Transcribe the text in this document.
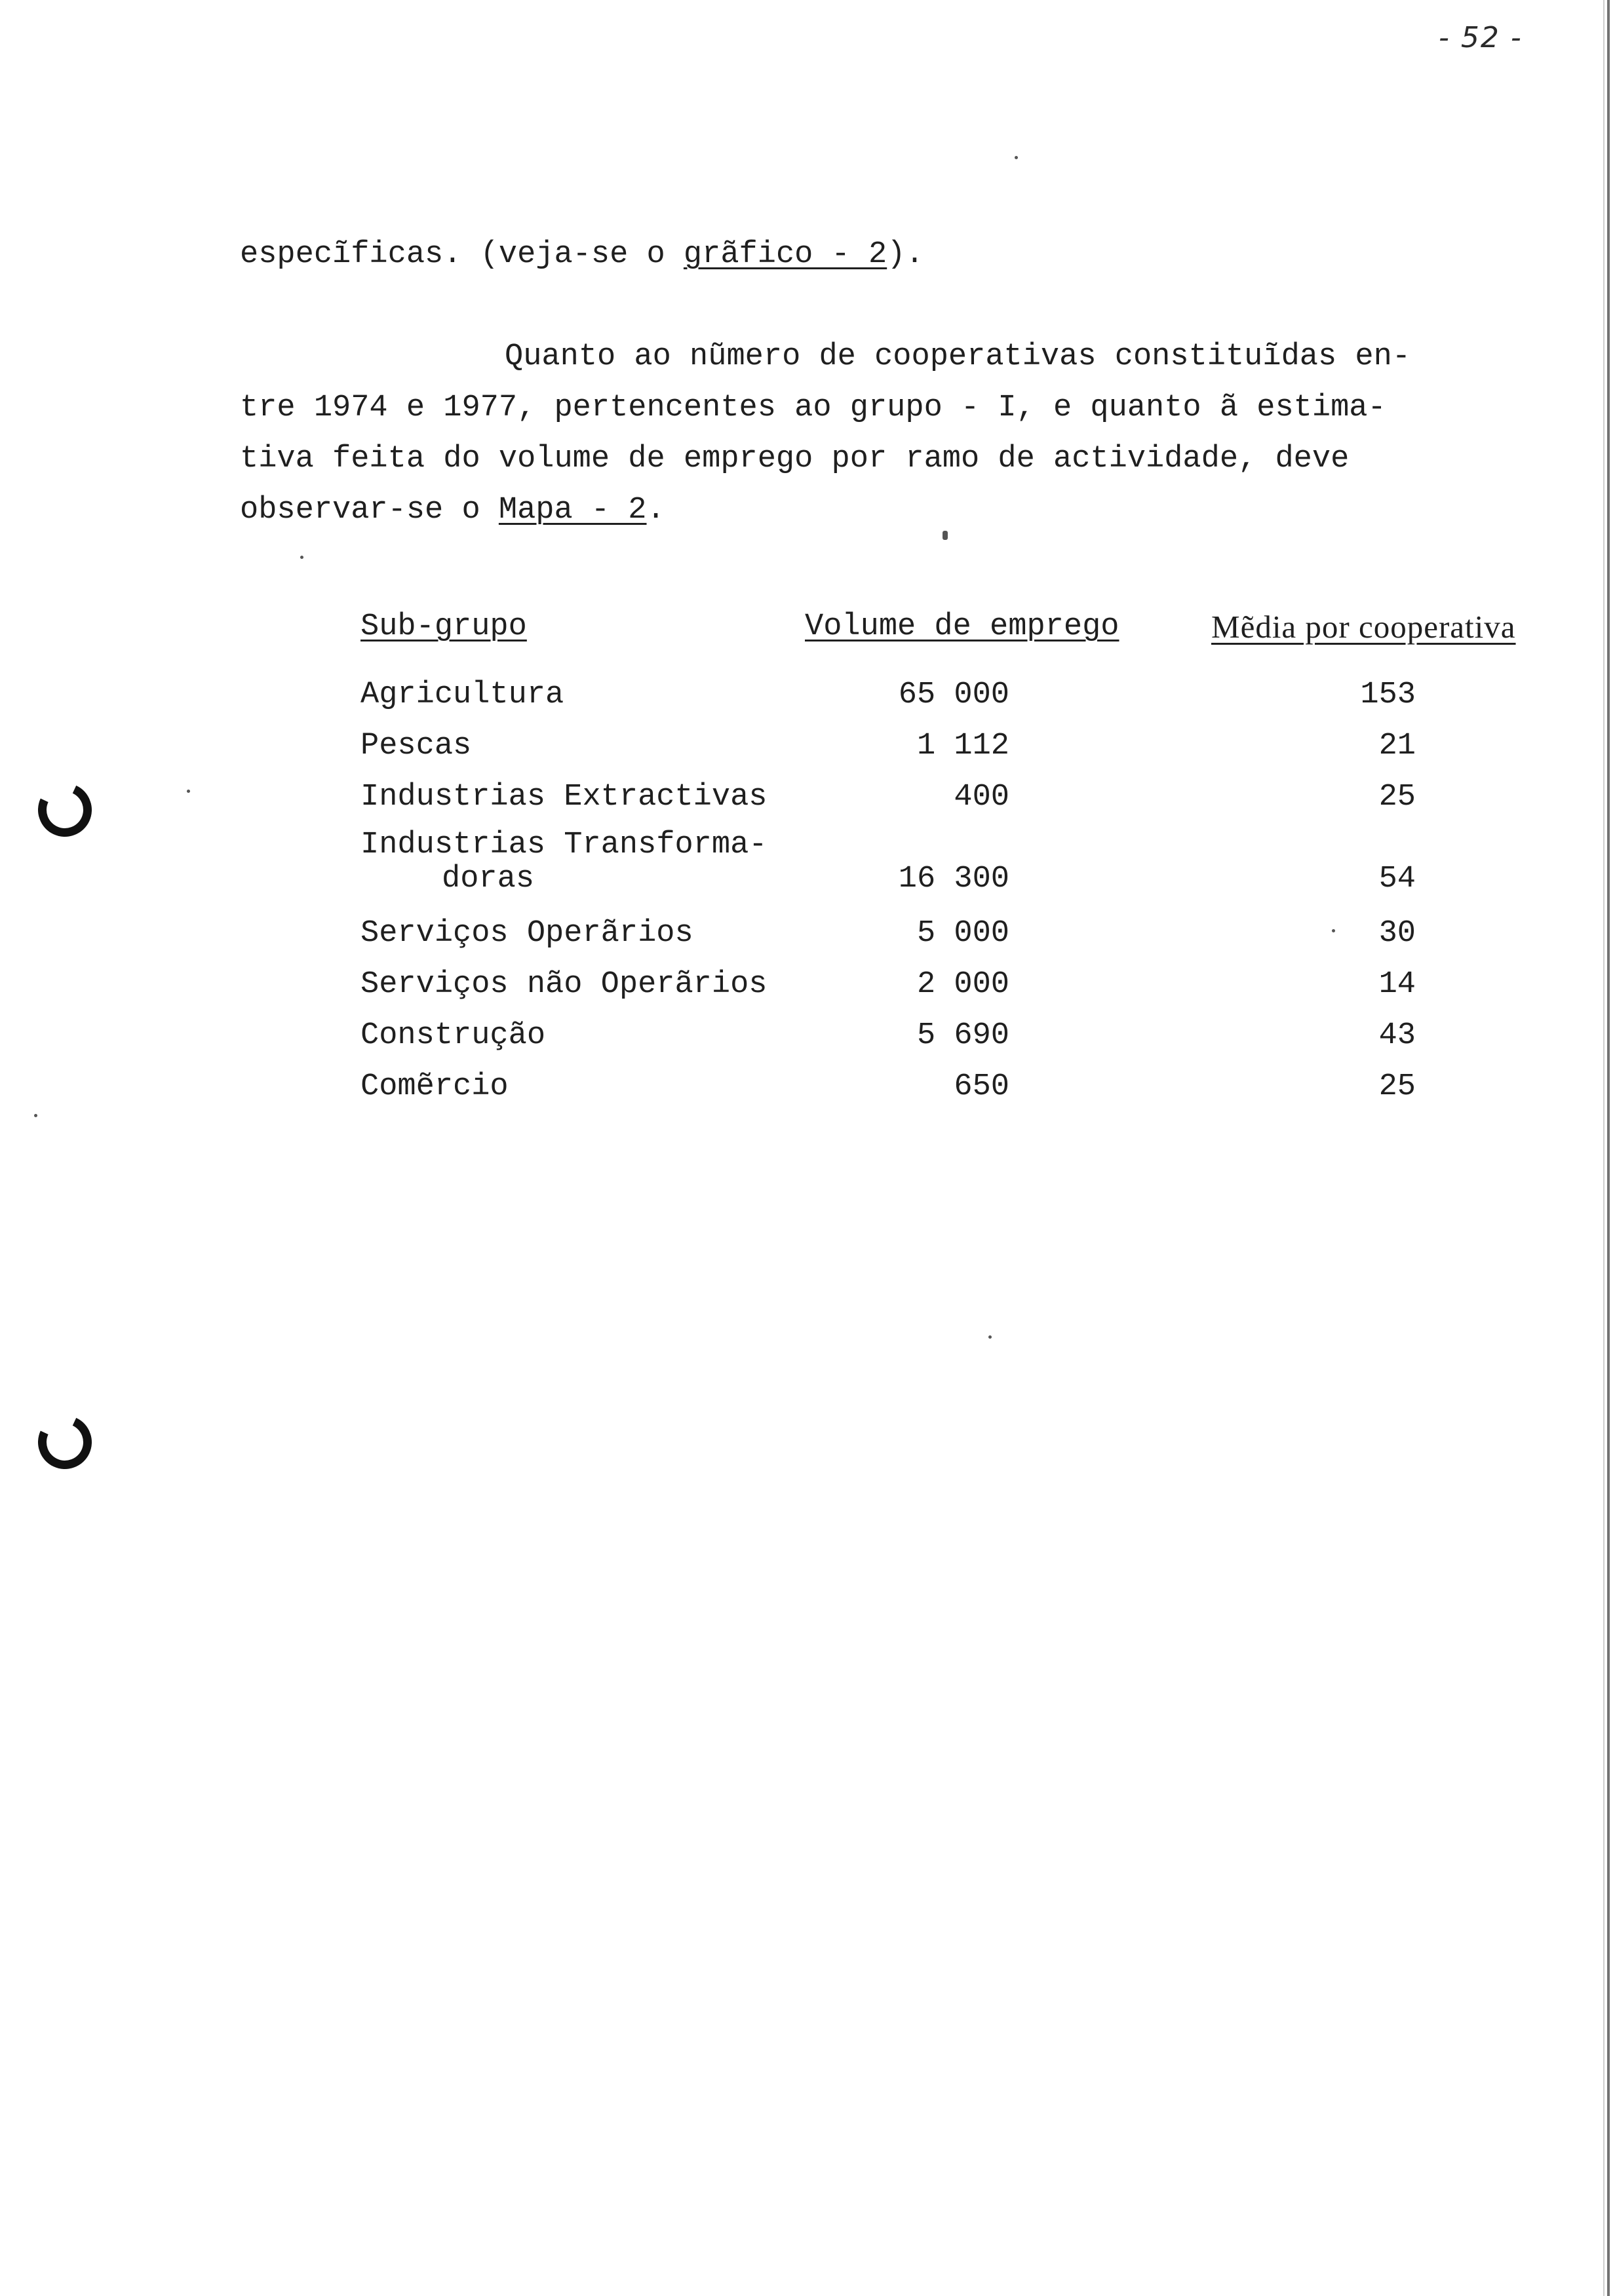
- 52 -
especĩficas. (veja-se o grãfico - 2).
Quanto ao nũmero de cooperativas constituĩdas en-
tre 1974 e 1977, pertencentes ao grupo - I, e quanto ã estima-
tiva feita do volume de emprego por ramo de actividade, deve
observar-se o Mapa - 2.
Sub-grupo	Volume de emprego	Mẽdia por cooperativa
Agricultura	65 000	153
Pescas	1 112	21
Industrias Extractivas	400	25
Industrias Transforma-
doras	16 300	54
Serviços Operãrios	5 000	30
Serviços não Operãrios	2 000	14
Construção	5 690	43
Comẽrcio	650	25
